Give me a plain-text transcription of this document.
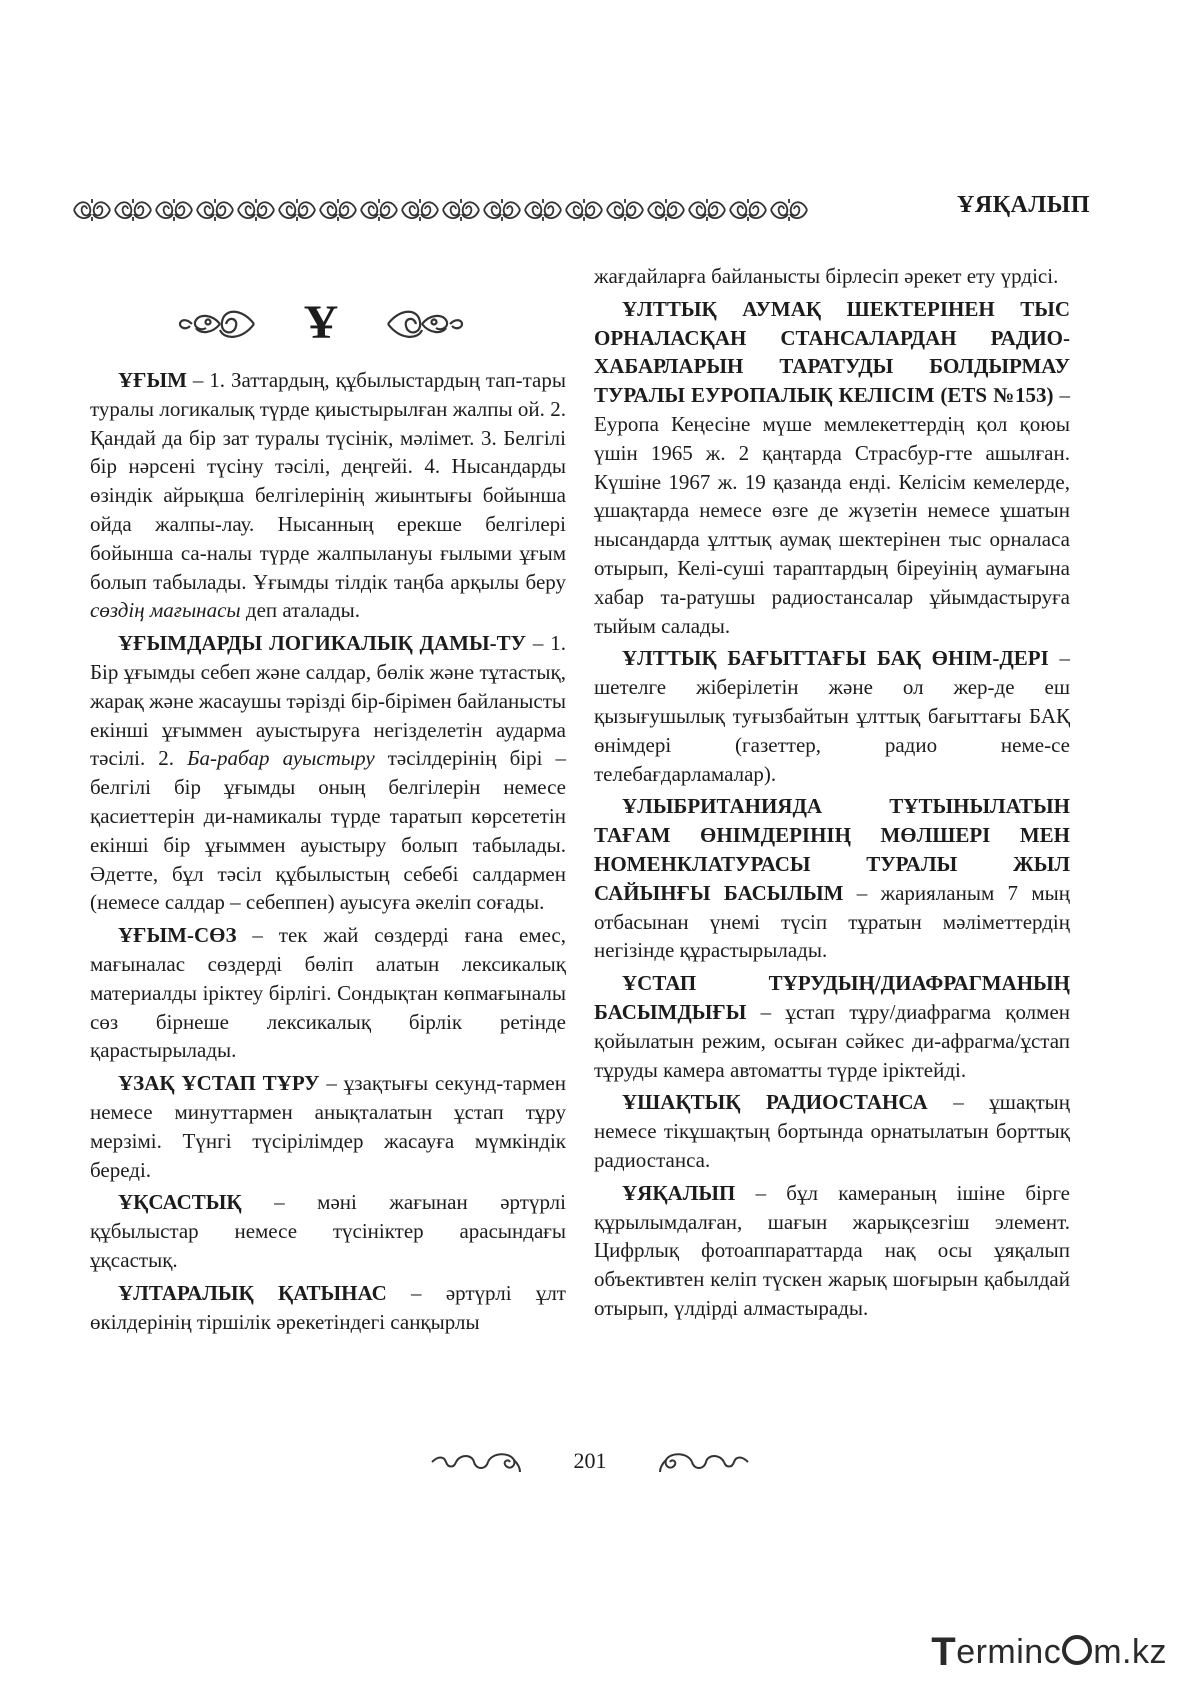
ҰЯҚАЛЫП
Ұ

ҰҒЫМ – 1. Заттардың, құбылыстардың тап-тары туралы логикалық түрде қиыстырылған жалпы ой. 2. Қандай да бір зат туралы түсінік, мәлімет. 3. Белгілі бір нәрсені түсіну тәсілі, деңгейі. 4. Нысандарды өзіндік айрықша белгілерінің жиынтығы бойынша ойда жалпы-лау. Нысанның ерекше белгілері бойынша са-налы түрде жалпылануы ғылыми ұғым болып табылады. Ұғымды тілдік таңба арқылы беру сөздің мағынасы деп аталады.

ҰҒЫМДАРДЫ ЛОГИКАЛЫҚ ДАМЫ-ТУ – 1. Бір ұғымды себеп және салдар, бөлік және тұтастық, жарақ және жасаушы тәрізді бір-бірімен байланысты екінші ұғыммен ауыстыруға негізделетін аударма тәсілі. 2. Ба-рабар ауыстыру тәсілдерінің бірі – белгілі бір ұғымды оның белгілерін немесе қасиеттерін ди-намикалы түрде таратып көрсететін екінші бір ұғыммен ауыстыру болып табылады. Әдетте, бұл тәсіл құбылыстың себебі салдармен (немесе салдар – себеппен) ауысуға әкеліп соғады.

ҰҒЫМ-СӨЗ – тек жай сөздерді ғана емес, мағыналас сөздерді бөліп алатын лексикалық материалды іріктеу бірлігі. Сондықтан көпмағыналы сөз бірнеше лексикалық бірлік ретінде қарастырылады.

ҰЗАҚ ҰСТАП ТҰРУ – ұзақтығы секунд-тармен немесе минуттармен анықталатын ұстап тұру мерзімі. Түнгі түсірілімдер жасауға мүмкіндік береді.

ҰҚСАСТЫҚ – мәні жағынан әртүрлі құбылыстар немесе түсініктер арасындағы ұқсастық.

ҰЛТАРАЛЫҚ ҚАТЫНАС – әртүрлі ұлт өкілдерінің тіршілік әрекетіндегі санқырлы

жағдайларға байланысты бірлесіп әрекет ету үрдісі.

ҰЛТТЫҚ АУМАҚ ШЕКТЕРІНЕН ТЫС ОРНАЛАСҚАН СТАНСАЛАРДАН РАДИО-ХАБАРЛАРЫН ТАРАТУДЫ БОЛДЫРМАУ ТУРАЛЫ ЕУРОПАЛЫҚ КЕЛІСІМ (ETS №153) – Еуропа Кеңесіне мүше мемлекеттердің қол қоюы үшін 1965 ж. 2 қаңтарда Страсбур-гте ашылған. Күшіне 1967 ж. 19 қазанда енді. Келісім кемелерде, ұшақтарда немесе өзге де жүзетін немесе ұшатын нысандарда ұлттық аумақ шектерінен тыс орналаса отырып, Келі-суші тараптардың біреуінің аумағына хабар та-ратушы радиостансалар ұйымдастыруға тыйым салады.

ҰЛТТЫҚ БАҒЫТТАҒЫ БАҚ ӨНІМ-ДЕРІ – шетелге жіберілетін және ол жер-де еш қызығушылық туғызбайтын ұлттық бағыттағы БАҚ өнімдері (газеттер, радио неме-се телебағдарламалар).

ҰЛЫБРИТАНИЯДА ТҰТЫНЫЛАТЫН ТАҒАМ ӨНІМДЕРІНІҢ МӨЛШЕРІ МЕН НОМЕНКЛАТУРАСЫ ТУРАЛЫ ЖЫЛ САЙЫНҒЫ БАСЫЛЫМ – жарияланым 7 мың отбасынан үнемі түсіп тұратын мәліметтердің негізінде құрастырылады.

ҰСТАП ТҰРУДЫҢ/ДИАФРАГМАНЫҢ БАСЫМДЫҒЫ – ұстап тұру/диафрагма қолмен қойылатын режим, осыған сәйкес ди-афрагма/ұстап тұруды камера автоматты түрде іріктейді.

ҰШАҚТЫҚ РАДИОСТАНСА – ұшақтың немесе тікұшақтың бортында орнатылатын борттық радиостанса.

ҰЯҚАЛЫП – бұл камераның ішіне бірге құрылымдалған, шағын жарықсезгіш элемент. Цифрлық фотоаппараттарда нақ осы ұяқалып объективтен келіп түскен жарық шоғырын қабылдай отырып, үлдірді алмастырады.

201
Terminc m.kz
